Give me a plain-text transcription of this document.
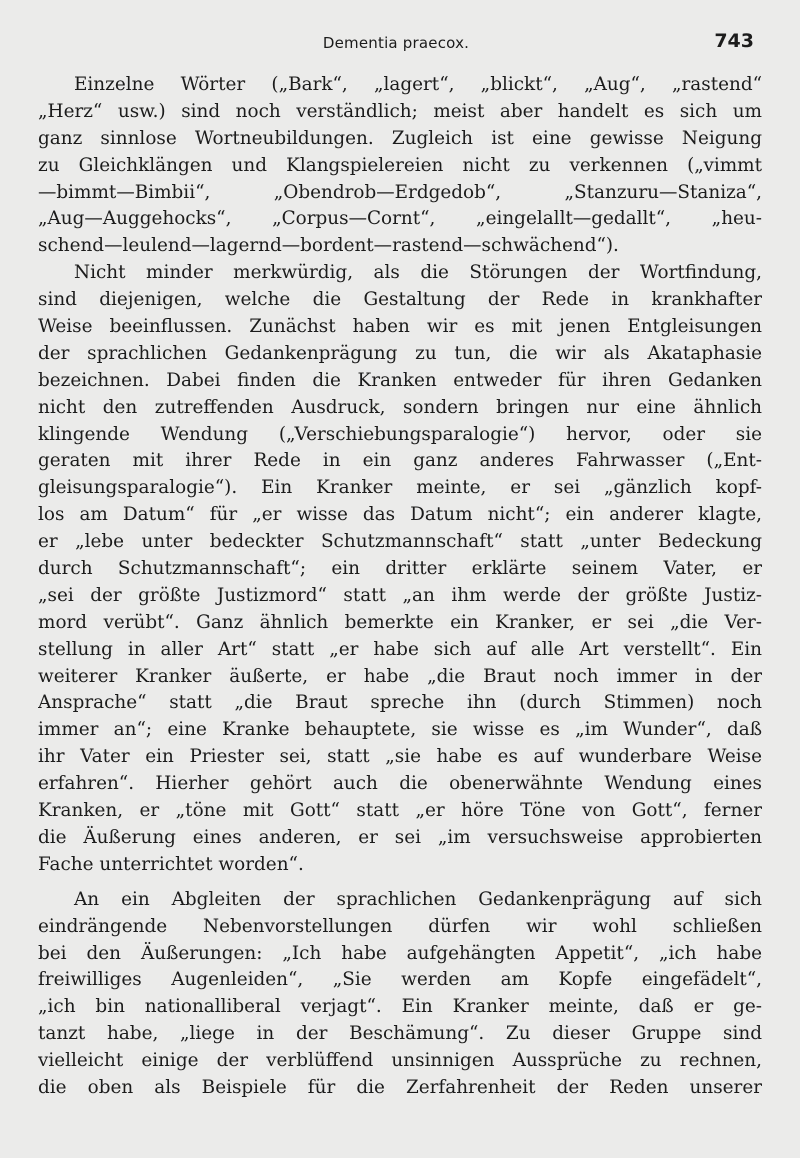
Dementia praecox.	743
Einzelne Wörter („Bark“, „lagert“, „blickt“, „Aug“, „rastend“
„Herz“ usw.) sind noch verständlich; meist aber handelt es sich um
ganz sinnlose Wortneubildungen. Zugleich ist eine gewisse Neigung
zu Gleichklängen und Klangspielereien nicht zu verkennen („vimmt
—bimmt—Bimbii“, „Obendrob—Erdgedob“, „Stanzuru—Staniza“,
„Aug—Auggehocks“, „Corpus—Cornt“, „eingelallt—gedallt“, „heu-
schend—leulend—lagernd—bordent—rastend—schwächend“).
Nicht minder merkwürdig, als die Störungen der Wortfindung,
sind diejenigen, welche die Gestaltung der Rede in krankhafter
Weise beeinflussen. Zunächst haben wir es mit jenen Entgleisungen
der sprachlichen Gedankenprägung zu tun, die wir als Akataphasie
bezeichnen. Dabei finden die Kranken entweder für ihren Gedanken
nicht den zutreffenden Ausdruck, sondern bringen nur eine ähnlich
klingende Wendung („Verschiebungsparalogie“) hervor, oder sie
geraten mit ihrer Rede in ein ganz anderes Fahrwasser („Ent-
gleisungsparalogie“). Ein Kranker meinte, er sei „gänzlich kopf-
los am Datum“ für „er wisse das Datum nicht“; ein anderer klagte,
er „lebe unter bedeckter Schutzmannschaft“ statt „unter Bedeckung
durch Schutzmannschaft“; ein dritter erklärte seinem Vater, er
„sei der größte Justizmord“ statt „an ihm werde der größte Justiz-
mord verübt“. Ganz ähnlich bemerkte ein Kranker, er sei „die Ver-
stellung in aller Art“ statt „er habe sich auf alle Art verstellt“. Ein
weiterer Kranker äußerte, er habe „die Braut noch immer in der
Ansprache“ statt „die Braut spreche ihn (durch Stimmen) noch
immer an“; eine Kranke behauptete, sie wisse es „im Wunder“, daß
ihr Vater ein Priester sei, statt „sie habe es auf wunderbare Weise
erfahren“. Hierher gehört auch die obenerwähnte Wendung eines
Kranken, er „töne mit Gott“ statt „er höre Töne von Gott“, ferner
die Äußerung eines anderen, er sei „im versuchsweise approbierten
Fache unterrichtet worden“.
An ein Abgleiten der sprachlichen Gedankenprägung auf sich
eindrängende Nebenvorstellungen dürfen wir wohl schließen
bei den Äußerungen: „Ich habe aufgehängten Appetit“, „ich habe
freiwilliges Augenleiden“, „Sie werden am Kopfe eingefädelt“,
„ich bin nationalliberal verjagt“. Ein Kranker meinte, daß er ge-
tanzt habe, „liege in der Beschämung“. Zu dieser Gruppe sind
vielleicht einige der verblüffend unsinnigen Aussprüche zu rechnen,
die oben als Beispiele für die Zerfahrenheit der Reden unserer
